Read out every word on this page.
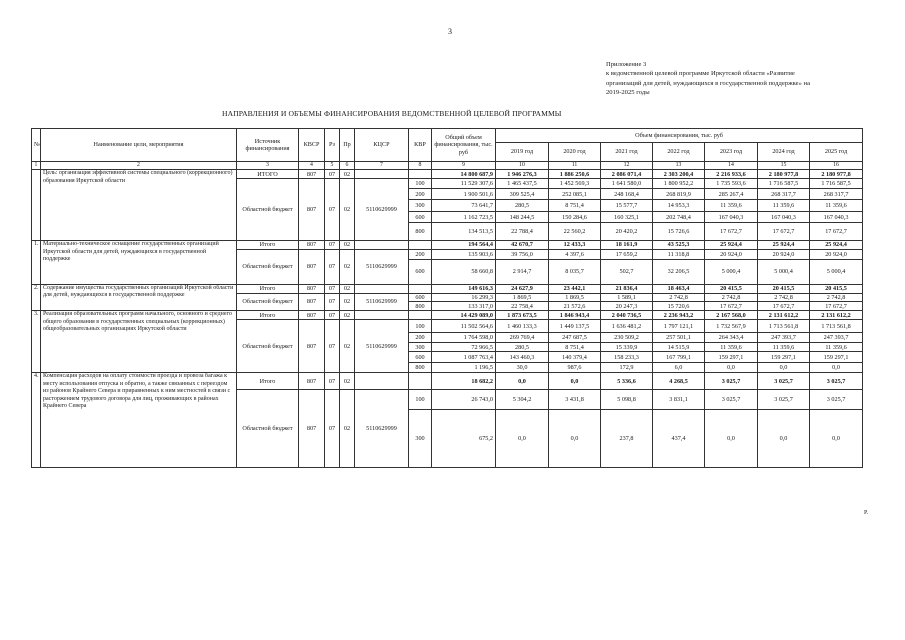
3
Приложение 3
к ведомственной целевой программе Иркутской области «Развитие
организаций для детей, нуждающихся в государственной поддержке» на
2019-2025 годы
НАПРАВЛЕНИЯ И ОБЪЕМЫ ФИНАНСИРОВАНИЯ ВЕДОМСТВЕННОЙ ЦЕЛЕВОЙ ПРОГРАММЫ
№	Наименование цели, мероприятия	Источник финансирования	КВСР	Рз	Пр	КЦСР	КВР	Общий объем финансирования, тыс. руб	Объем финансирования, тыс. руб						
									2019 год	2020 год	2021 год	2022 год	2023 год	2024 год	2025 год
1	2	3	4	5	6	7	8	9	10	11	12	13	14	15	16
	Цель: организация эффективной системы специального (коррекционного) образования Иркутской области	ИТОГО	807	07	02			14 800 687,9	1 946 276,3	1 886 250,6	2 086 071,4	2 303 200,4	2 216 933,6	2 180 977,8	2 180 977,8
		Областной бюджет	807	07	02	5110629999	100	11 529 307,6	1 465 437,5	1 452 569,3	1 641 580,0	1 800 952,2	1 735 593,6	1 716 587,5	1 716 587,5
							200	1 900 501,6	309 525,4	252 085,1	248 168,4	268 819,9	285 267,4	268 317,7	268 317,7
							300	73 641,7	280,5	8 751,4	15 577,7	14 953,3	11 359,6	11 359,6	11 359,6
							600	1 162 723,5	148 244,5	150 284,6	160 325,1	202 748,4	167 040,3	167 040,3	167 040,3
							800	134 513,5	22 788,4	22 560,2	20 420,2	15 726,6	17 672,7	17 672,7	17 672,7
1.	Материально-техническое оснащение государственных организаций Иркутской области для детей, нуждающихся в государственной поддержке	Итого	807	07	02			194 564,4	42 670,7	12 433,3	18 161,9	43 525,3	25 924,4	25 924,4	25 924,4
		Областной бюджет	807	07	02	5110629999	200	135 903,6	39 756,0	4 397,6	17 659,2	11 318,8	20 924,0	20 924,0	20 924,0
							600	58 660,8	2 914,7	8 035,7	502,7	32 206,5	5 000,4	5 000,4	5 000,4
2.	Содержание имущества государственных организаций Иркутской области для детей, нуждающихся в государственной поддержке	Итого	807	07	02			149 616,3	24 627,9	23 442,1	21 836,4	18 463,4	20 415,5	20 415,5	20 415,5
		Областной бюджет	807	07	02	5110629999	600	16 299,3	1 869,5	1 869,5	1 589,1	2 742,8	2 742,8	2 742,8	2 742,8
							800	133 317,0	22 758,4	21 572,6	20 247,3	15 720,6	17 672,7	17 672,7	17 672,7
3.	Реализация образовательных программ начального, основного и среднего общего образования в государственных специальных (коррекционных) общеобразовательных организациях Иркутской области	Итого	807	07	02			14 429 089,0	1 873 673,5	1 846 943,4	2 040 736,5	2 236 943,2	2 167 568,0	2 131 612,2	2 131 612,2
		Областной бюджет	807	07	02	5110629999	100	11 502 564,6	1 460 133,3	1 449 137,5	1 636 481,2	1 797 121,1	1 732 567,9	1 713 561,8	1 713 561,8
							200	1 764 598,0	269 769,4	247 687,5	230 509,2	257 501,1	264 343,4	247 393,7	247 393,7
							300	72 966,5	280,5	8 751,4	15 339,9	14 515,9	11 359,6	11 359,6	11 359,6
							600	1 087 763,4	143 460,3	140 379,4	158 233,3	167 799,1	159 297,1	159 297,1	159 297,1
							800	1 196,5	30,0	987,6	172,9	6,0	0,0	0,0	0,0
4.	Компенсация расходов на оплату стоимости проезда и провоза багажа к месту использования отпуска и обратно, а также связанных с переездом из районов Крайнего Севера и приравненных к ним местностей в связи с расторжением трудового договора для лиц, проживающих в районах Крайнего Севера	Итого	807	07	02			18 682,2	0,0	0,0	5 336,6	4 268,5	3 025,7	3 025,7	3 025,7
		Областной бюджет	807	07	02	5110629999	100	26 743,0	5 304,2	3 431,8	5 098,8	3 831,1	3 025,7	3 025,7	3 025,7
							300	675,2	0,0	0,0	237,8	437,4	0,0	0,0	0,0
Р.
